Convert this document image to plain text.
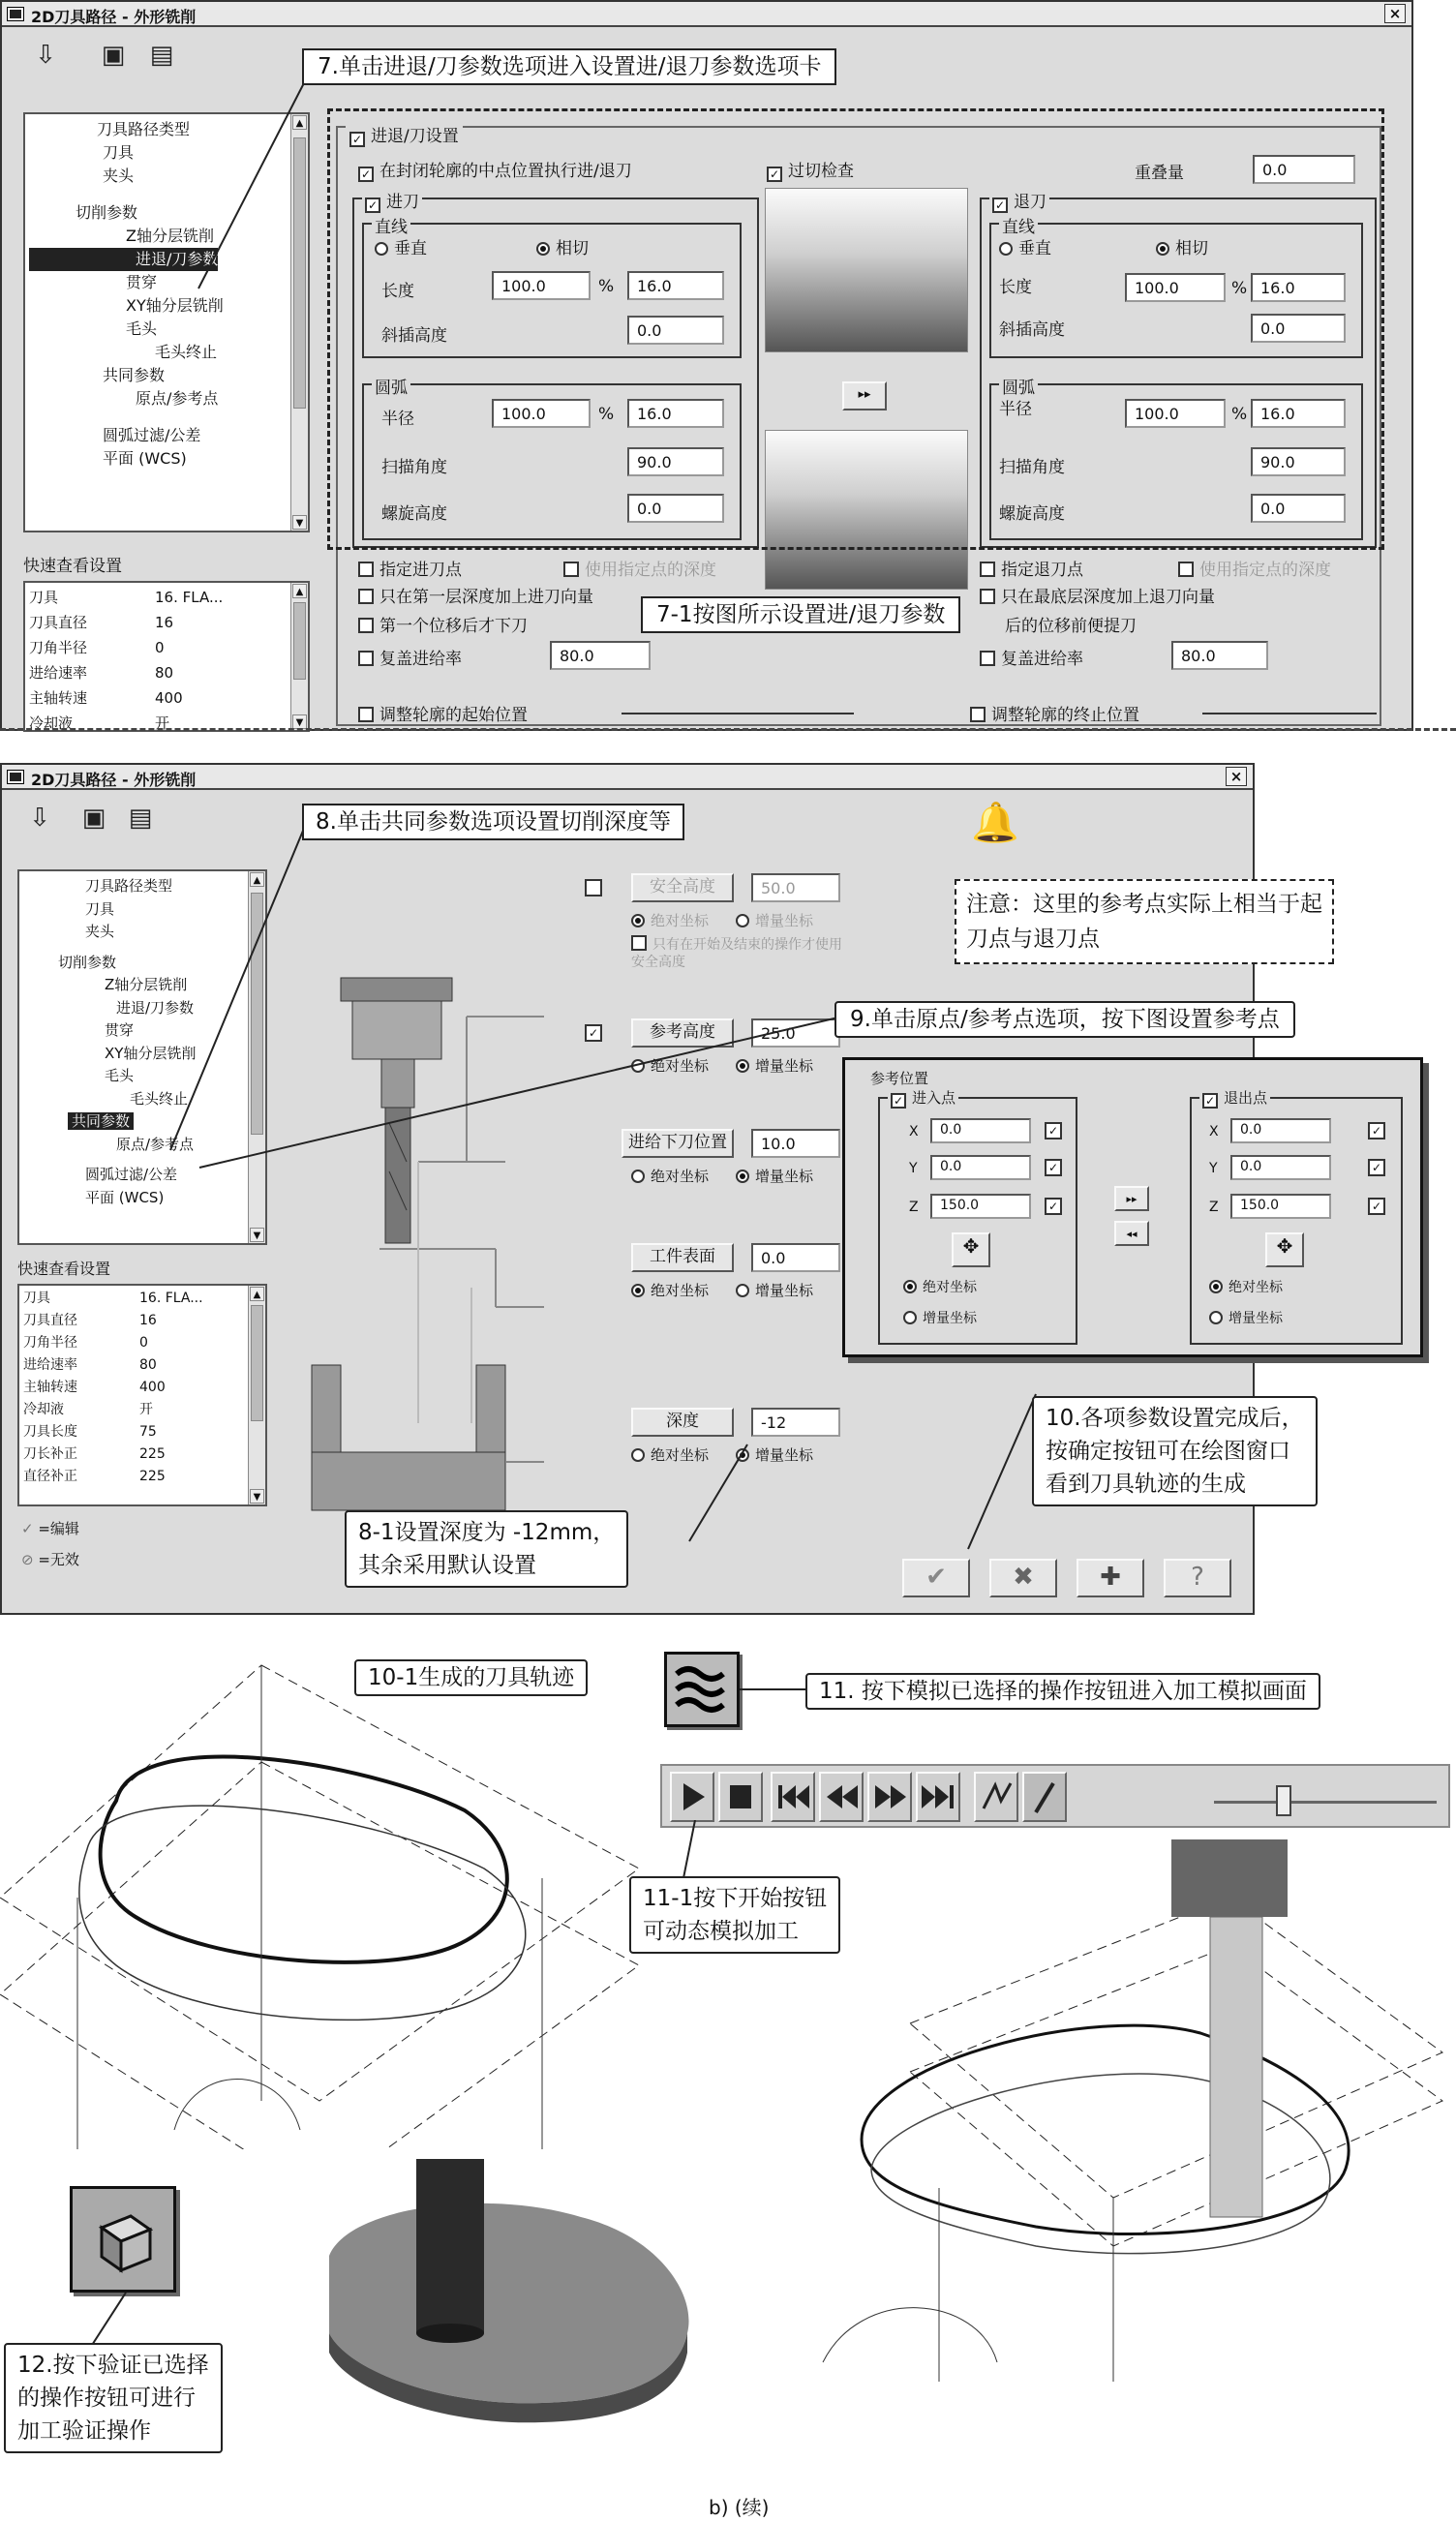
2D刀具路径 - 外形铣削	×
⇩ ▣ ▤
刀具路径类型
刀具
夹头
切削参数
Z轴分层铣削
进退/刀参数
贯穿
XY轴分层铣削
毛头
毛头终止
共同参数
原点/参考点
圆弧过滤/公差
平面 (WCS)
▲
▼
快速查看设置
刀具	16. FLA...
刀具直径	16
刀角半径	0
进给速率	80
主轴转速	400
冷却液	开
▲
▼
✓ 进退/刀设置
✓ 在封闭轮廓的中点位置执行进/退刀	✓ 过切检查	重叠量	0.0
✓ 进刀
直线
垂直	相切
长度	100.0	%	16.0
斜插高度	0.0
圆弧
半径	100.0	%	16.0
扫描角度	90.0
螺旋高度	0.0
▸▸
✓ 退刀
直线
垂直	相切
长度	100.0	% 16.0
斜插高度	0.0
圆弧
半径	100.0	% 16.0
扫描角度	90.0
螺旋高度	0.0
指定进刀点	使用指定点的深度
只在第一层深度加上进刀向量
第一个位移后才下刀
复盖进给率	80.0
调整轮廓的起始位置
指定退刀点	使用指定点的深度
只在最底层深度加上退刀向量
后的位移前便提刀
复盖进给率	80.0
调整轮廓的终止位置
7.单击进退/刀参数选项进入设置进/退刀参数选项卡
7-1按图所示设置进/退刀参数
2D刀具路径 - 外形铣削	×
⇩ ▣ ▤	🔔
刀具路径类型
刀具
夹头
切削参数
Z轴分层铣削
进退/刀参数
贯穿
XY轴分层铣削
毛头
毛头终止
共同参数
原点/参考点
圆弧过滤/公差
平面 (WCS)
▲
▼
快速查看设置
刀具	16. FLA...
刀具直径	16
刀角半径	0
进给速率	80
主轴转速	400
冷却液	开
刀具长度	75
刀长补正	225
直径补正	225
▲
▼
✓ =编辑
⊘ =无效
安全高度	50.0
绝对坐标	增量坐标
只有在开始及结束的操作才使用安全高度
✓	参考高度	25.0
绝对坐标	增量坐标
进给下刀位置	10.0
绝对坐标	增量坐标
工件表面	0.0
绝对坐标	增量坐标
深度	-12
绝对坐标	增量坐标
✔	✖	✚	?
注意：这里的参考点实际上相当于起刀点与退刀点
参考位置
✓ 进入点
X	0.0	✓
Y	0.0	✓
Z	150.0	✓
✥
绝对坐标
增量坐标
▸▸
◂◂
✓ 退出点
X	0.0	✓
Y	0.0	✓
Z	150.0	✓
✥
绝对坐标
增量坐标
8.单击共同参数选项设置切削深度等
9.单击原点/参考点选项，按下图设置参考点
8-1设置深度为 -12mm，
其余采用默认设置
10.各项参数设置完成后，
按确定按钮可在绘图窗口
看到刀具轨迹的生成
10-1生成的刀具轨迹
11. 按下模拟已选择的操作按钮进入加工模拟画面
11-1按下开始按钮
可动态模拟加工
12.按下验证已选择
的操作按钮可进行
加工验证操作
b) (续)
